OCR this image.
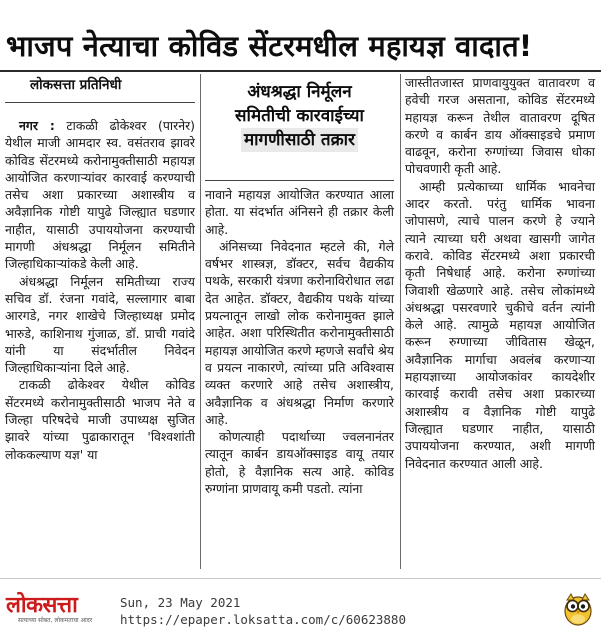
भाजप नेत्याचा कोविड सेंटरमधील महायज्ञ वादात!
लोकसत्ता प्रतिनिधी

नगर : टाकळी ढोकेश्वर (पारनेर) येथील माजी आमदार स्व. वसंतराव झावरे कोविड सेंटरमध्ये करोनामुक्तीसाठी महायज्ञ आयोजित करणाऱ्यांवर कारवाई करण्याची तसेच अशा प्रकारच्या अशास्त्रीय व अवैज्ञानिक गोष्टी यापुढे जिल्ह्यात घडणार नाहीत, यासाठी उपाययोजना करण्याची मागणी अंधश्रद्धा निर्मूलन समितीने जिल्हाधिकाऱ्यांकडे केली आहे.

अंधश्रद्धा निर्मूलन समितीच्या राज्य सचिव डॉ. रंजना गवांदे, सल्लागार बाबा आरगडे, नगर शाखेचे जिल्हाध्यक्ष प्रमोद भारुडे, काशिनाथ गुंजाळ, डॉ. प्राची गवांदे यांनी या संदर्भातील निवेदन जिल्हाधिकाऱ्यांना दिले आहे.

टाकळी ढोकेश्वर येथील कोविड सेंटरमध्ये करोनामुक्तीसाठी भाजप नेते व जिल्हा परिषदेचे माजी उपाध्यक्ष सुजित झावरे यांच्या पुढाकारातून 'विश्वशांती लोककल्याण यज्ञ' या

अंधश्रद्धा निर्मूलन
समितीची कारवाईच्या
मागणीसाठी तक्रार

नावाने महायज्ञ आयोजित करण्यात आला होता. या संदर्भात अंनिसने ही तक्रार केली आहे.

अंनिसच्या निवेदनात म्हटले की, गेले वर्षभर शास्त्रज्ञ, डॉक्टर, सर्वच वैद्यकीय पथके, सरकारी यंत्रणा करोनाविरोधात लढा देत आहेत. डॉक्टर, वैद्यकीय पथके यांच्या प्रयत्नातून लाखो लोक करोनामुक्त झाले आहेत. अशा परिस्थितीत करोनामुक्तीसाठी महायज्ञ आयोजित करणे म्हणजे सर्वांचे श्रेय व प्रयत्न नाकारणे, त्यांच्या प्रति अविश्वास व्यक्त करणारे आहे तसेच अशास्त्रीय, अवैज्ञानिक व अंधश्रद्धा निर्माण करणारे आहे.

कोणत्याही पदार्थाच्या ज्वलनानंतर त्यातून कार्बन डायऑक्साइड वायू तयार होतो, हे वैज्ञानिक सत्य आहे. कोविड रुग्णांना प्राणवायू कमी पडतो. त्यांना

जास्तीतजास्त प्राणवायुयुक्त वातावरण व हवेची गरज असताना, कोविड सेंटरमध्ये महायज्ञ करून तेथील वातावरण दूषित करणे व कार्बन डाय ऑक्साइडचे प्रमाण वाढवून, करोना रुग्णांच्या जिवास धोका पोचवणारी कृती आहे.

आम्ही प्रत्येकाच्या धार्मिक भावनेचा आदर करतो. परंतु धार्मिक भावना जोपासणे, त्याचे पालन करणे हे ज्याने त्याने त्याच्या घरी अथवा खासगी जागेत करावे. कोविड सेंटरमध्ये अशा प्रकारची कृती निषेधार्ह आहे. करोना रुग्णांच्या जिवाशी खेळणारे आहे. तसेच लोकांमध्ये अंधश्रद्धा पसरवणारे चुकीचे वर्तन त्यांनी केले आहे. त्यामुळे महायज्ञ आयोजित करून रुग्णाच्या जीवितास खेळून, अवैज्ञानिक मार्गाचा अवलंब करणाऱ्या महायज्ञाच्या आयोजकांवर कायदेशीर कारवाई करावी तसेच अशा प्रकारच्या अशास्त्रीय व वैज्ञानिक गोष्टी यापुढे जिल्ह्यात घडणार नाहीत, यासाठी उपाययोजना करण्यात, अशी मागणी निवेदनात करण्यात आली आहे.

लोकसत्ता
सत्याच्या सोबत, लोकमताचा आदर
Sun, 23 May 2021
https://epaper.loksatta.com/c/60623880
